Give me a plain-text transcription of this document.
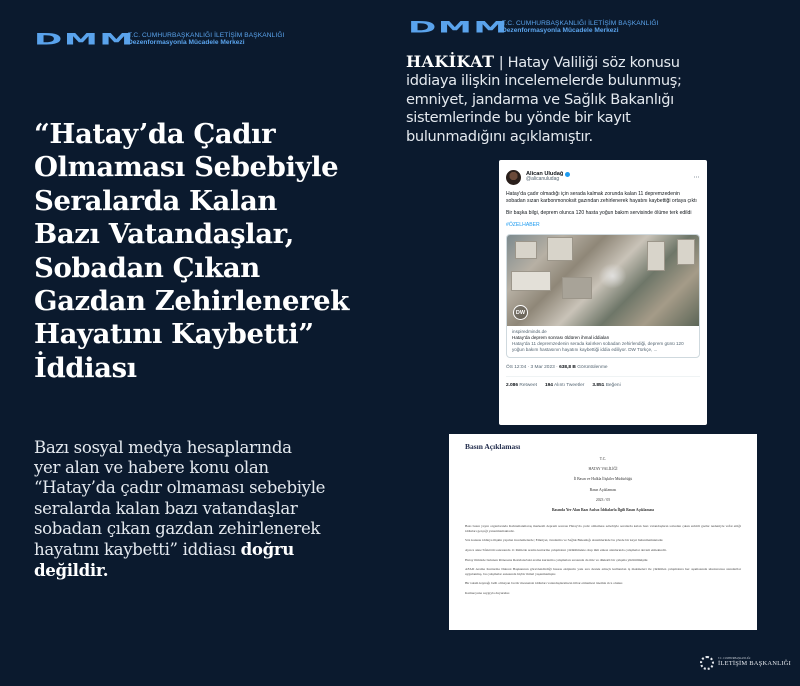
DMM
T.C. CUMHURBAŞKANLIĞI İLETİŞİM BAŞKANLIĞI
Dezenformasyonla Mücadele Merkezi
DMM
T.C. CUMHURBAŞKANLIĞI İLETİŞİM BAŞKANLIĞI
Dezenformasyonla Mücadele Merkezi
“Hatay’da Çadır
Olmaması Sebebiyle
Seralarda Kalan
Bazı Vatandaşlar,
Sobadan Çıkan
Gazdan Zehirlenerek
Hayatını Kaybetti”
İddiası
Bazı sosyal medya hesaplarında
yer alan ve habere konu olan
“Hatay’da çadır olmaması sebebiyle
seralarda kalan bazı vatandaşlar
sobadan çıkan gazdan zehirlenerek
hayatını kaybetti” iddiası doğru
değildir.
HAKİKAT | Hatay Valiliği söz konusu
iddiaya ilişkin incelemelerde bulunmuş;
emniyet, jandarma ve Sağlık Bakanlığı
sistemlerinde bu yönde bir kayıt
bulunmadığını açıklamıştır.
Alican Uludağ
@alicanuludag	⋯

Hatay'da çadır olmadığı için serada kalmak zorunda kalan 11 depremzedenin sobadan sızan karbonmonoksit gazından zehirlenerek hayatını kaybettiği ortaya çıktı

Bir başka bilgi, deprem olunca 120 hasta yoğun bakım servisinde ölüme terk edildi

#ÖZELHABER
DW
inspiredminds.de
Hatay'da deprem sonrası öldüren ihmal iddiaları
Hatay'da 11 depremzedenin serada kalırken sobadan zehirlendiği, deprem günü 120 yoğun bakım hastasının hayatını kaybettiği iddia ediliyor. DW Türkçe, ...
ÖS 12:04 · 3 Mar 2023 · 638,8 B Görüntülenme
2.086 Retweet 194 Alıntı Tweetler 3.851 Beğeni
Basın Açıklaması
T.C.
HATAY VALİLİĞİ
İl Basın ve Halkla İlişkiler Müdürlüğü
Basın Açıklaması
2023 / 05
Basında Yer Alan Bazı Asılsız İddialarla İlgili Basın Açıklaması
Bazı basın yayın organlarında Kahramanmaraş merkezli deprem sonrası Hatay'da çadır olmaması sebebiyle seralarda kalan bazı vatandaşların sobadan çıkan zehirli gazlar nedeniyle vefat ettiği iddiaları gerçeği yansıtmamaktadır.
Söz konusu iddiaya ilişkin yapılan incelemelerde; Emniyet, Jandarma ve Sağlık Bakanlığı sistemlerinde bu yönde bir kayıt bulunmamaktadır.
Ayrıca anne Sfaktörü sonrasında 11 ilimizde arama kurtarma çalışmaları yürütülmekte olup tüm enkaz alanlarında çalışmalar devam etmektedir.
Hatay ilimizde bulunan Rönesans Rezidans'taki arama kurtarma çalışmaları sırasında da titiz ve dikkatli bir çalışma yürütülmüştür.
AFAD Arama Kurtarma Dairesi Başkanının görevlendirdiği hassas ekiplerin yanı sıra destek amaçlı kullanılan iş makineleri ile yürütülen çalışmalara her aşamasında uluslararası standartlar uygulanmış, bu çalışmalar esnasında hiçbir ihmal yaşanmamıştır.
Bir takım kaynağı belli olmayan bu tür mesnetsiz iddiaları vatandaşlarımızın itibar etmemesi önemle rica olunur.
Kamuoyuna saygıyla duyurulur.
T.C. CUMHURBAŞKANLIĞI
İLETİŞİM BAŞKANLIĞI
